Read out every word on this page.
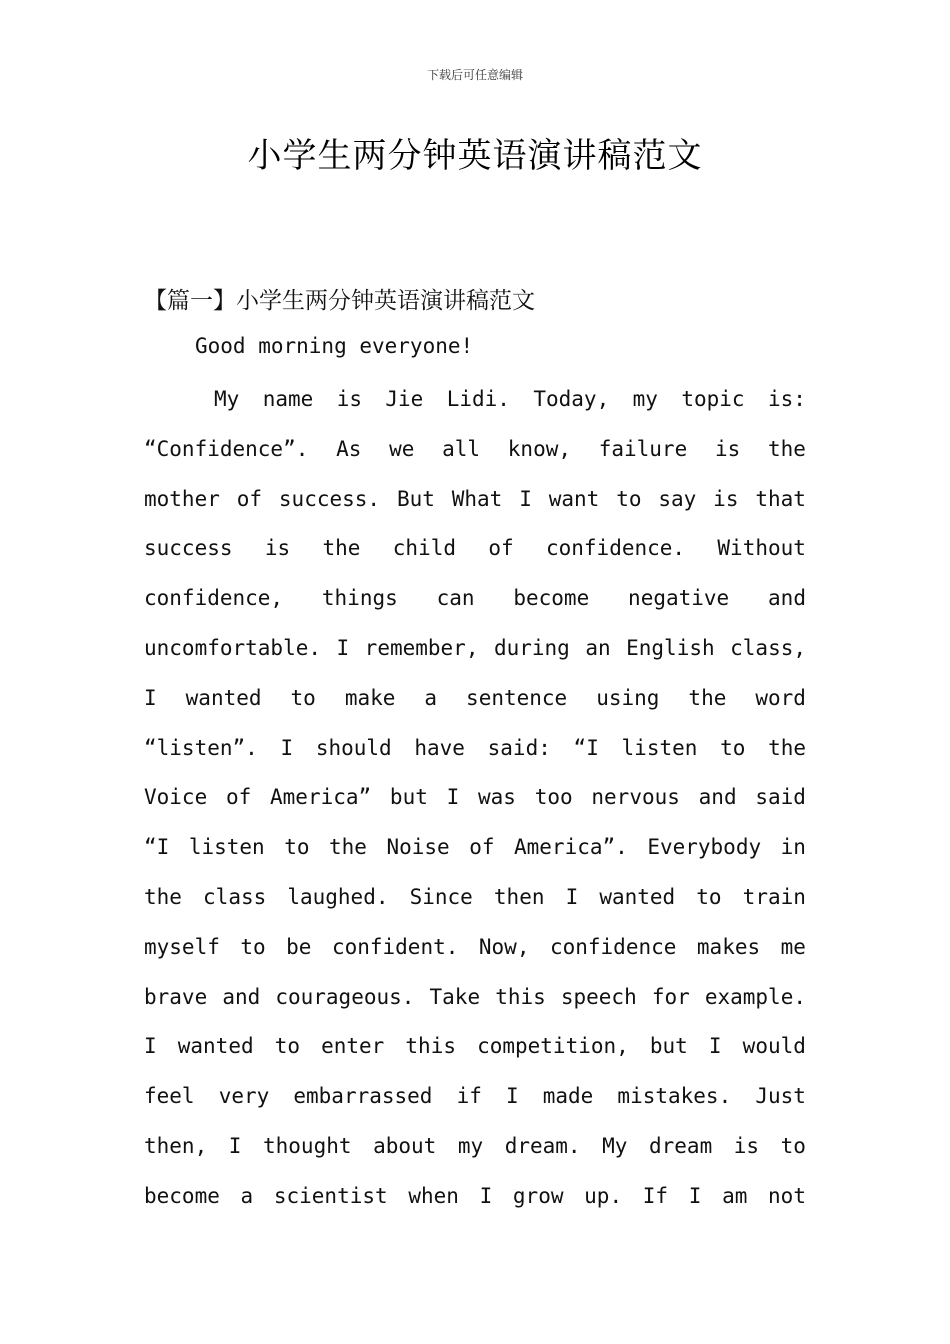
下载后可任意编辑
小学生两分钟英语演讲稿范文
【篇一】小学生两分钟英语演讲稿范文
Good morning everyone!
My name is Jie Lidi. Today, my topic is:
“Confidence”. As we all know, failure is the
mother of success. But What I want to say is that
success is the child of confidence. Without
confidence, things can become negative and
uncomfortable. I remember, during an English class,
I wanted to make a sentence using the word
“listen”. I should have said: “I listen to the
Voice of America” but I was too nervous and said
“I listen to the Noise of America”. Everybody in
the class laughed. Since then I wanted to train
myself to be confident. Now, confidence makes me
brave and courageous. Take this speech for example.
I wanted to enter this competition, but I would
feel very embarrassed if I made mistakes. Just
then, I thought about my dream. My dream is to
become a scientist when I grow up. If I am not
